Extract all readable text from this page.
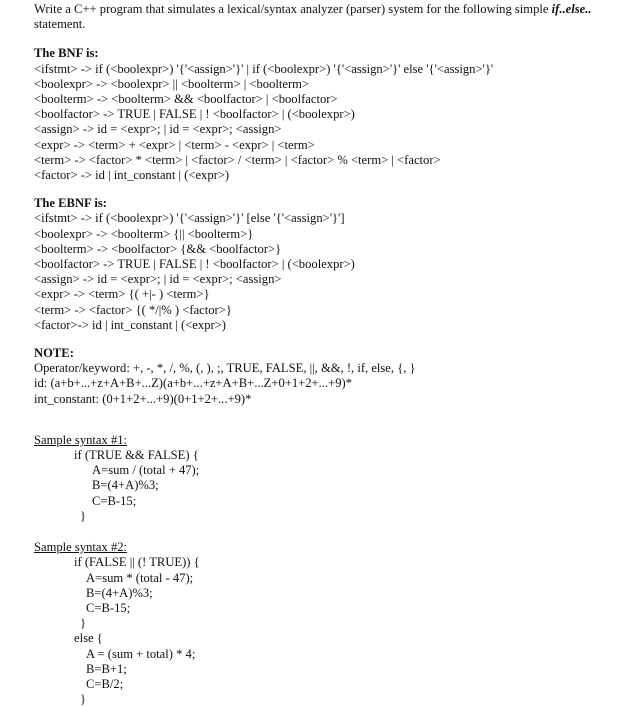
Write a C++ program that simulates a lexical/syntax analyzer (parser) system for the following simple if..else.. statement.

The BNF is:

<ifstmt> -> if (<boolexpr>) '{'<assign>'}' | if (<boolexpr>) '{'<assign>'}' else '{'<assign>'}'

<boolexpr> -> <boolexpr> || <boolterm> | <boolterm>

<boolterm> -> <boolterm> && <boolfactor> | <boolfactor>

<boolfactor> -> TRUE | FALSE | ! <boolfactor> | (<boolexpr>)

<assign> -> id = <expr>; | id = <expr>; <assign>

<expr> -> <term> + <expr> | <term> - <expr> | <term>

<term> -> <factor> * <term> | <factor> / <term> | <factor> % <term> | <factor>

<factor> -> id | int_constant | (<expr>)

The EBNF is:

<ifstmt> -> if (<boolexpr>) '{'<assign>'}' [else '{'<assign>'}']

<boolexpr> -> <boolterm> {|| <boolterm>}

<boolterm> -> <boolfactor> {&& <boolfactor>}

<boolfactor> -> TRUE | FALSE | ! <boolfactor> | (<boolexpr>)

<assign> -> id = <expr>; | id = <expr>; <assign>

<expr> -> <term> {( +|- ) <term>}

<term> -> <factor> {( */|% ) <factor>}

<factor>-> id | int_constant | (<expr>)

NOTE:

Operator/keyword: +, -, *, /, %, (, ), ;, TRUE, FALSE, ||, &&, !, if, else, {, }

id: (a+b+...+z+A+B+...Z)(a+b+...+z+A+B+...Z+0+1+2+...+9)*

int_constant: (0+1+2+...+9)(0+1+2+...+9)*

Sample syntax #1:

if (TRUE && FALSE) {

A=sum / (total + 47);

B=(4+A)%3;

C=B-15;

}

Sample syntax #2:

if (FALSE || (! TRUE)) {

A=sum * (total - 47);

B=(4+A)%3;

C=B-15;

}

else {

A = (sum + total) * 4;

B=B+1;

C=B/2;

}
